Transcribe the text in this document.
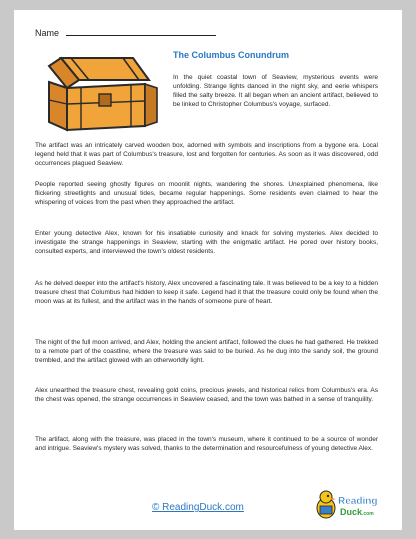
Name
The Columbus Conundrum

In the quiet coastal town of Seaview, mysterious events were unfolding. Strange lights danced in the night sky, and eerie whispers filled the salty breeze. It all began when an ancient artifact, believed to be linked to Christopher Columbus's voyage, surfaced.

The artifact was an intricately carved wooden box, adorned with symbols and inscriptions from a bygone era. Local legend held that it was part of Columbus's treasure, lost and forgotten for centuries. As soon as it was discovered, odd occurrences plagued Seaview.

People reported seeing ghostly figures on moonlit nights, wandering the shores. Unexplained phenomena, like flickering streetlights and unusual tides, became regular happenings. Some residents even claimed to hear the whispering of voices from the past when they approached the artifact.

Enter young detective Alex, known for his insatiable curiosity and knack for solving mysteries. Alex decided to investigate the strange happenings in Seaview, starting with the enigmatic artifact. He pored over history books, consulted experts, and interviewed the town's oldest residents.

As he delved deeper into the artifact's history, Alex uncovered a fascinating tale. It was believed to be a key to a hidden treasure chest that Columbus had hidden to keep it safe. Legend had it that the treasure could only be found when the moon was at its fullest, and the artifact was in the hands of someone pure of heart.

The night of the full moon arrived, and Alex, holding the ancient artifact, followed the clues he had gathered. He trekked to a remote part of the coastline, where the treasure was said to be buried. As he dug into the sandy soil, the ground trembled, and the artifact glowed with an otherworldly light.

Alex unearthed the treasure chest, revealing gold coins, precious jewels, and historical relics from Columbus's era. As the chest was opened, the strange occurrences in Seaview ceased, and the town was bathed in a sense of tranquility.

The artifact, along with the treasure, was placed in the town's museum, where it continued to be a source of wonder and intrigue. Seaview's mystery was solved, thanks to the determination and resourcefulness of young detective Alex.

© ReadingDuck.com
Reading
Duck .com
